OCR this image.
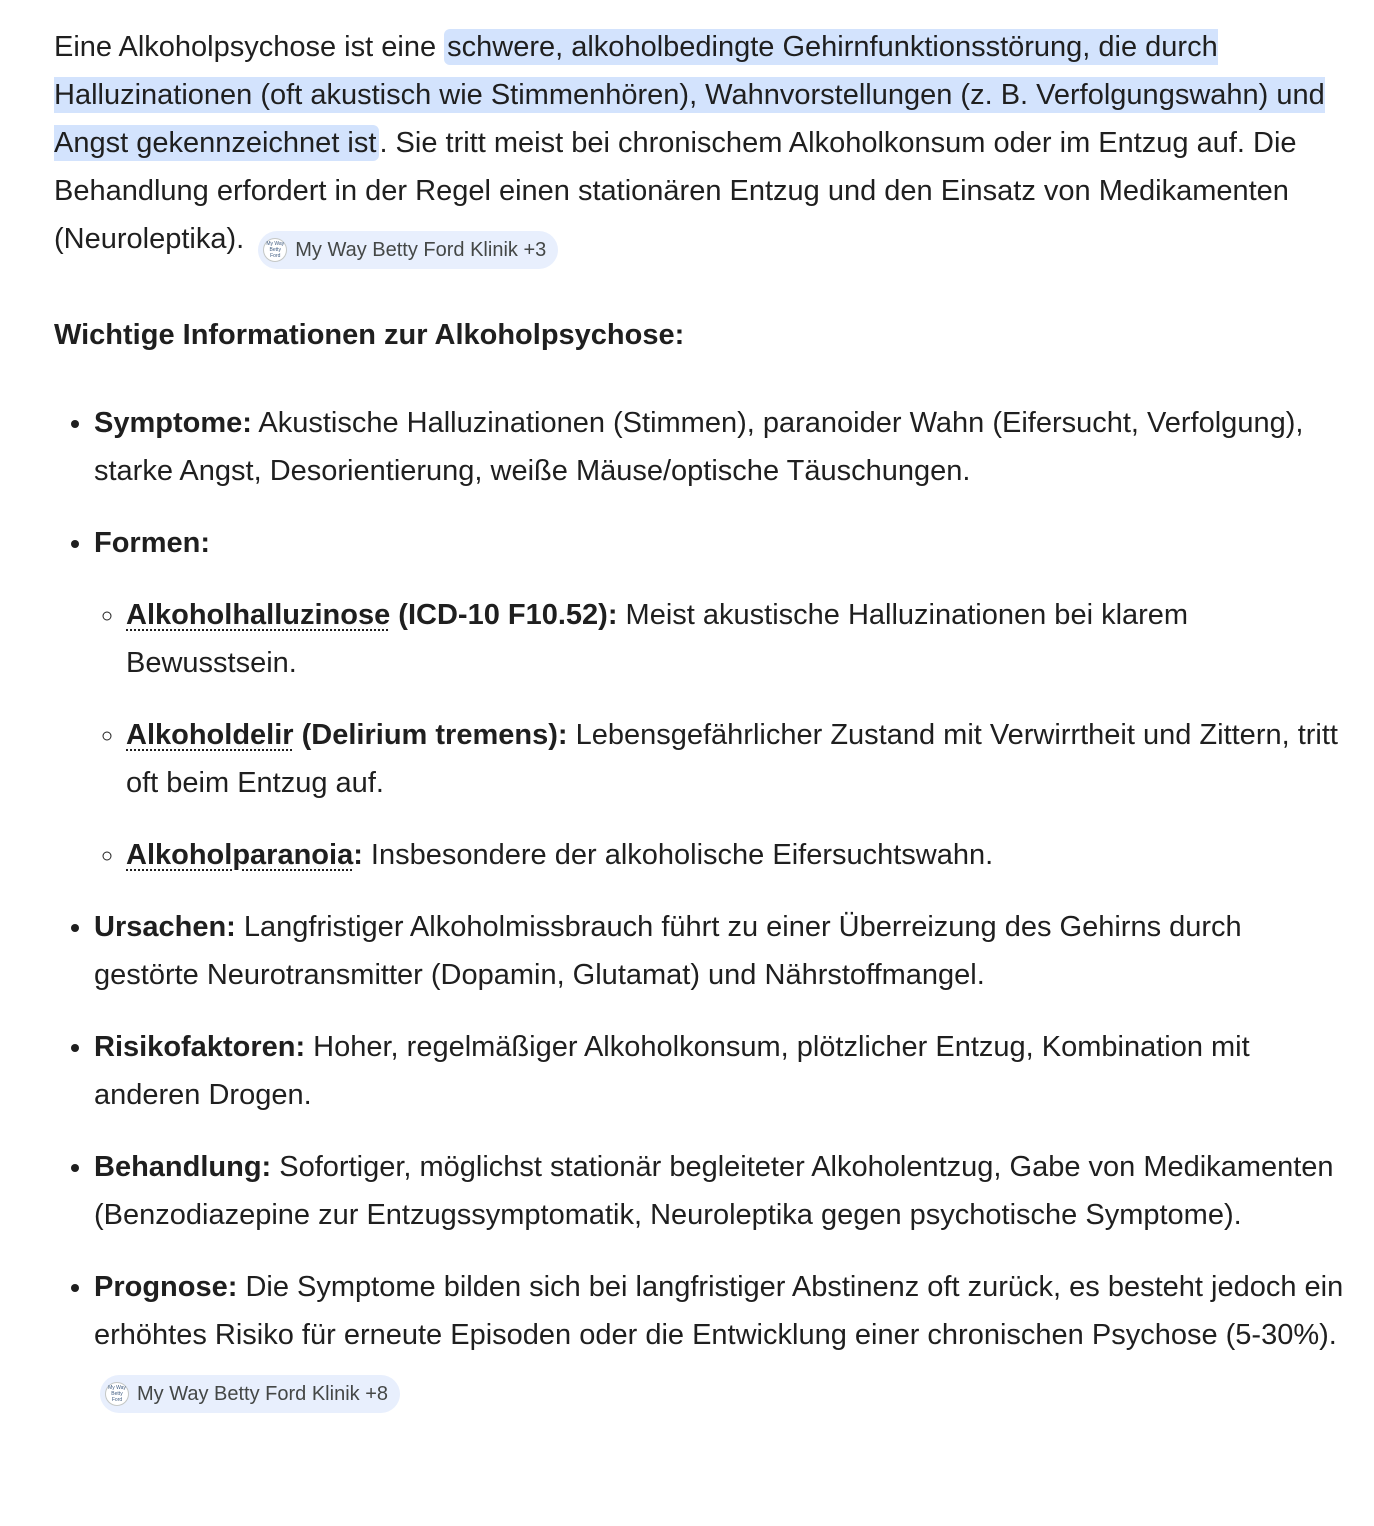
Eine Alkoholpsychose ist eine schwere, alkoholbedingte Gehirnfunktionsstörung, die durch Halluzinationen (oft akustisch wie Stimmenhören), Wahnvorstellungen (z. B. Verfolgungswahn) und Angst gekennzeichnet ist . Sie tritt meist bei chronischem Alkoholkonsum oder im Entzug auf. Die Behandlung erfordert in der Regel einen stationären Entzug und den Einsatz von Medikamenten
(Neuroleptika).	My Way Betty Ford My Way Betty Ford Klinik +3

Wichtige Informationen zur Alkoholpsychose:
• Symptome: Akustische Halluzinationen (Stimmen), paranoider Wahn (Eifersucht, Verfolgung), starke Angst, Desorientierung, weiße Mäuse/optische Täuschungen.
• Formen:
◦ Alkoholhalluzinose (ICD-10 F10.52): Meist akustische Halluzinationen bei klarem Bewusstsein.
◦ Alkoholdelir (Delirium tremens): Lebensgefährlicher Zustand mit Verwirrtheit und Zittern, tritt oft beim Entzug auf.
◦ Alkoholparanoia: Insbesondere der alkoholische Eifersuchtswahn.
• Ursachen: Langfristiger Alkoholmissbrauch führt zu einer Überreizung des Gehirns durch gestörte Neurotransmitter (Dopamin, Glutamat) und Nährstoffmangel.
• Risikofaktoren: Hoher, regelmäßiger Alkoholkonsum, plötzlicher Entzug, Kombination mit anderen Drogen.
• Behandlung: Sofortiger, möglichst stationär begleiteter Alkoholentzug, Gabe von Medikamenten (Benzodiazepine zur Entzugssymptomatik, Neuroleptika gegen psychotische Symptome).
• Prognose: Die Symptome bilden sich bei langfristiger Abstinenz oft zurück, es besteht jedoch ein erhöhtes Risiko für erneute Episoden oder die Entwicklung einer chronischen Psychose (5-30%).
My Way Betty Ford My Way Betty Ford Klinik +8
